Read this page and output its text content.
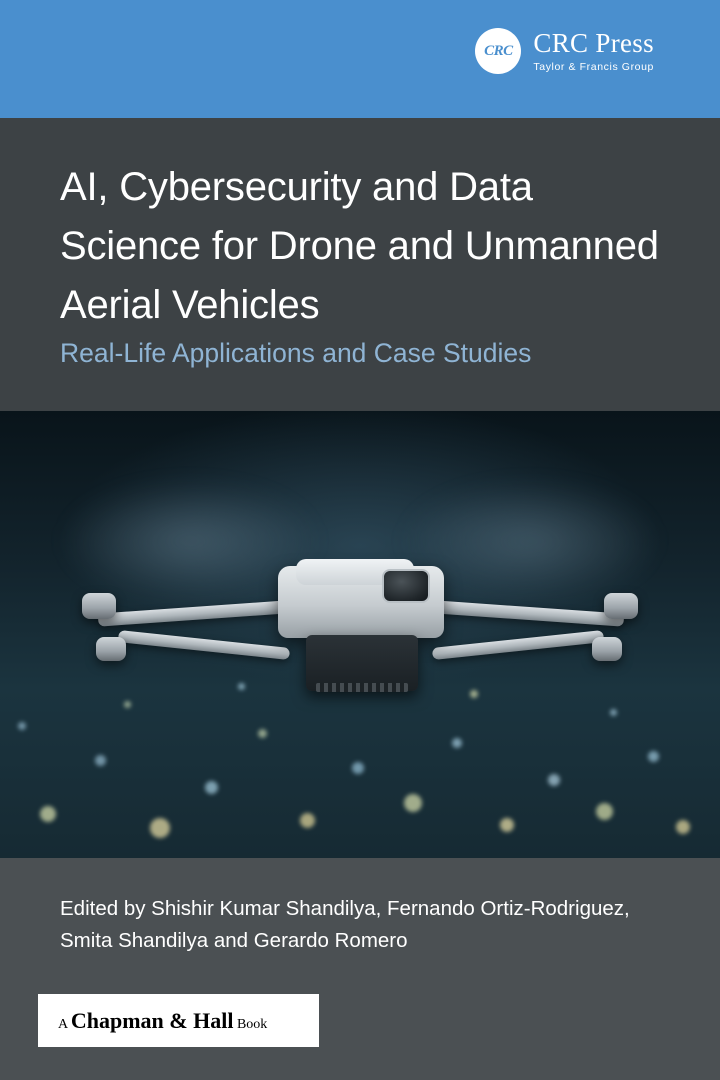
CRC CRC Press
Taylor & Francis Group
AI, Cybersecurity and Data Science for Drone and Unmanned Aerial Vehicles
Real-Life Applications and Case Studies
Edited by Shishir Kumar Shandilya, Fernando Ortiz-Rodriguez, Smita Shandilya and Gerardo Romero
A Chapman & Hall Book
